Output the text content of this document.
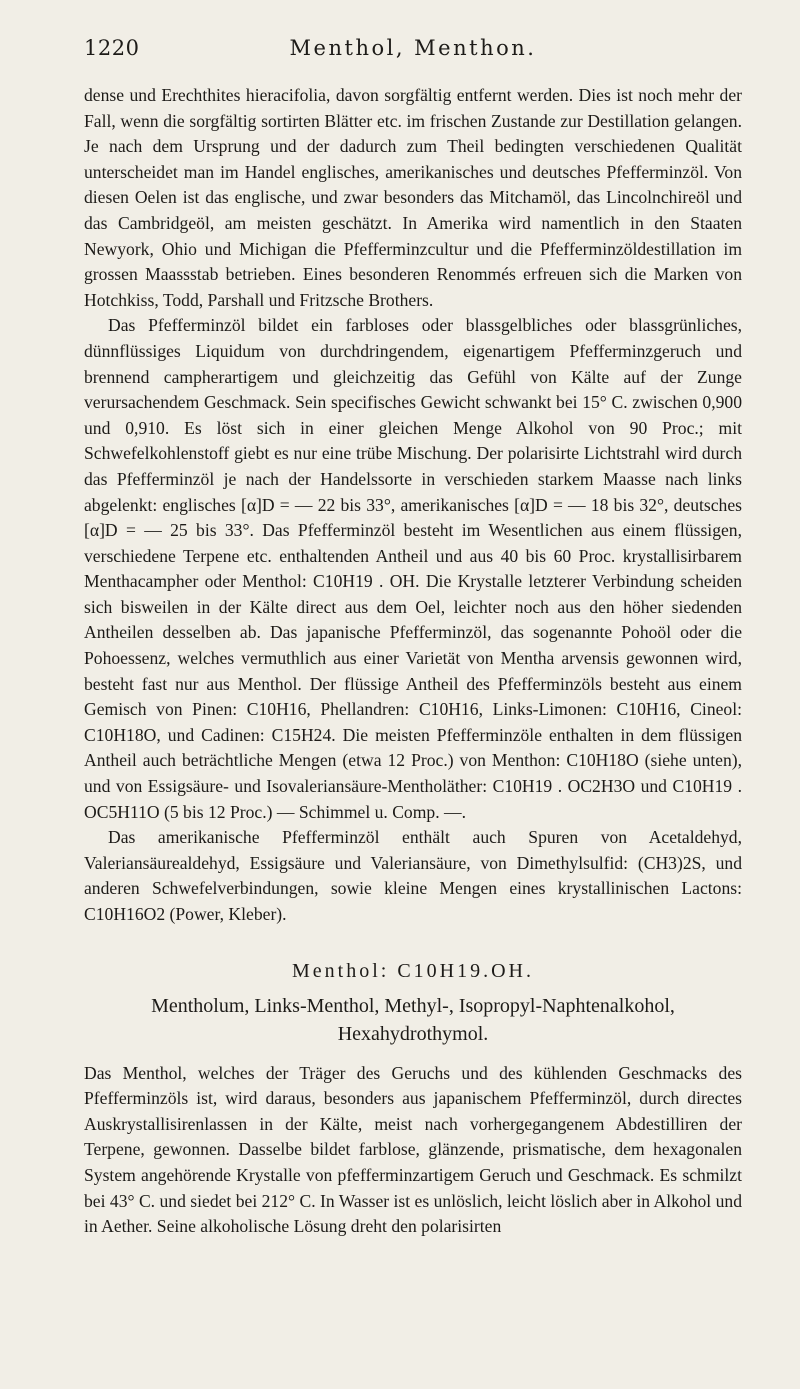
1220	Menthol, Menthon.

dense und Erechthites hieracifolia, davon sorgfältig entfernt werden. Dies ist noch mehr der Fall, wenn die sorgfältig sortirten Blätter etc. im frischen Zustande zur Destillation gelangen. Je nach dem Ursprung und der dadurch zum Theil bedingten verschiedenen Qualität unterscheidet man im Handel englisches, amerikanisches und deutsches Pfefferminzöl. Von diesen Oelen ist das englische, und zwar besonders das Mitchamöl, das Lincolnchireöl und das Cambridgeöl, am meisten geschätzt. In Amerika wird namentlich in den Staaten Newyork, Ohio und Michigan die Pfefferminzcultur und die Pfefferminzöldestillation im grossen Maassstab betrieben. Eines besonderen Renommés erfreuen sich die Marken von Hotchkiss, Todd, Parshall und Fritzsche Brothers.

Das Pfefferminzöl bildet ein farbloses oder blassgelbliches oder blassgrünliches, dünnflüssiges Liquidum von durchdringendem, eigenartigem Pfefferminzgeruch und brennend campherartigem und gleichzeitig das Gefühl von Kälte auf der Zunge verursachendem Geschmack. Sein specifisches Gewicht schwankt bei 15° C. zwischen 0,900 und 0,910. Es löst sich in einer gleichen Menge Alkohol von 90 Proc.; mit Schwefelkohlenstoff giebt es nur eine trübe Mischung. Der polarisirte Lichtstrahl wird durch das Pfefferminzöl je nach der Handelssorte in verschieden starkem Maasse nach links abgelenkt: englisches [α]D = — 22 bis 33°, amerikanisches [α]D = — 18 bis 32°, deutsches [α]D = — 25 bis 33°. Das Pfefferminzöl besteht im Wesentlichen aus einem flüssigen, verschiedene Terpene etc. enthaltenden Antheil und aus 40 bis 60 Proc. krystallisirbarem Menthacampher oder Menthol: C10H19 . OH. Die Krystalle letzterer Verbindung scheiden sich bisweilen in der Kälte direct aus dem Oel, leichter noch aus den höher siedenden Antheilen desselben ab. Das japanische Pfefferminzöl, das sogenannte Pohoöl oder die Pohoessenz, welches vermuthlich aus einer Varietät von Mentha arvensis gewonnen wird, besteht fast nur aus Menthol. Der flüssige Antheil des Pfefferminzöls besteht aus einem Gemisch von Pinen: C10H16, Phellandren: C10H16, Links-Limonen: C10H16, Cineol: C10H18O, und Cadinen: C15H24. Die meisten Pfefferminzöle enthalten in dem flüssigen Antheil auch beträchtliche Mengen (etwa 12 Proc.) von Menthon: C10H18O (siehe unten), und von Essigsäure- und Isovaleriansäure-Mentholäther: C10H19 . OC2H3O und C10H19 . OC5H11O (5 bis 12 Proc.) — Schimmel u. Comp. —.

Das amerikanische Pfefferminzöl enthält auch Spuren von Acetaldehyd, Valeriansäurealdehyd, Essigsäure und Valeriansäure, von Dimethylsulfid: (CH3)2S, und anderen Schwefelverbindungen, sowie kleine Mengen eines krystallinischen Lactons: C10H16O2 (Power, Kleber).

Menthol: C10H19.OH.
Mentholum, Links-Menthol, Methyl-, Isopropyl-Naphtenalkohol, Hexahydrothymol.

Das Menthol, welches der Träger des Geruchs und des kühlenden Geschmacks des Pfefferminzöls ist, wird daraus, besonders aus japanischem Pfefferminzöl, durch directes Auskrystallisirenlassen in der Kälte, meist nach vorhergegangenem Abdestilliren der Terpene, gewonnen. Dasselbe bildet farblose, glänzende, prismatische, dem hexagonalen System angehörende Krystalle von pfefferminzartigem Geruch und Geschmack. Es schmilzt bei 43° C. und siedet bei 212° C. In Wasser ist es unlöslich, leicht löslich aber in Alkohol und in Aether. Seine alkoholische Lösung dreht den polarisirten
